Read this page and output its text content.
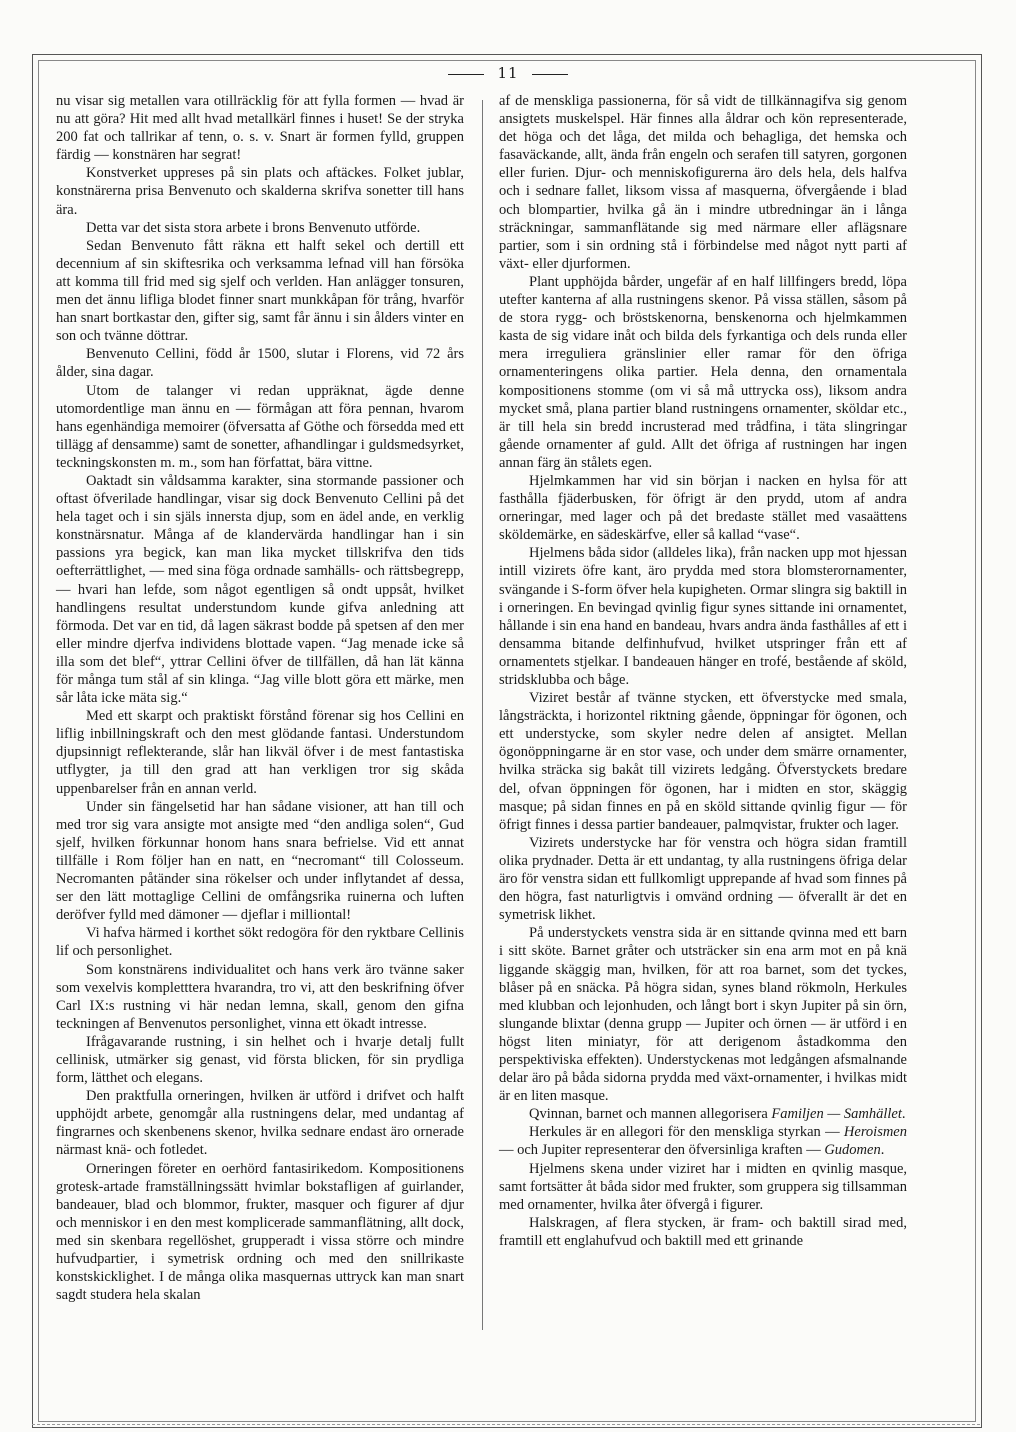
11

nu visar sig metallen vara otillräcklig för att fylla formen — hvad är nu att göra? Hit med allt hvad metallkärl finnes i huset! Se der stryka 200 fat och tallrikar af tenn, o. s. v. Snart är formen fylld, gruppen färdig — konstnären har segrat!

Konstverket uppreses på sin plats och aftäckes. Folket jublar, konstnärerna prisa Benvenuto och skalderna skrifva sonetter till hans ära.

Detta var det sista stora arbete i brons Benvenuto utförde.

Sedan Benvenuto fått räkna ett halft sekel och dertill ett decennium af sin skiftesrika och verksamma lefnad vill han försöka att komma till frid med sig sjelf och verlden. Han anlägger tonsuren, men det ännu lifliga blodet finner snart munkkåpan för trång, hvarför han snart bortkastar den, gifter sig, samt får ännu i sin ålders vinter en son och tvänne döttrar.

Benvenuto Cellini, född år 1500, slutar i Florens, vid 72 års ålder, sina dagar.

Utom de talanger vi redan uppräknat, ägde denne utomordentlige man ännu en — förmågan att föra pennan, hvarom hans egenhändiga memoirer (öfversatta af Göthe och försedda med ett tillägg af densamme) samt de sonetter, afhandlingar i guldsmedsyrket, teckningskonsten m. m., som han författat, bära vittne.

Oaktadt sin våldsamma karakter, sina stormande passioner och oftast öfverilade handlingar, visar sig dock Benvenuto Cellini på det hela taget och i sin själs innersta djup, som en ädel ande, en verklig konstnärsnatur. Många af de klandervärda handlingar han i sin passions yra begick, kan man lika mycket tillskrifva den tids oefterrättlighet, — med sina föga ordnade samhälls- och rättsbegrepp, — hvari han lefde, som något egentligen så ondt uppsåt, hvilket handlingens resultat understundom kunde gifva anledning att förmoda. Det var en tid, då lagen säkrast bodde på spetsen af den mer eller mindre djerfva individens blottade vapen. “Jag menade icke så illa som det blef“, yttrar Cellini öfver de tillfällen, då han lät känna för många tum stål af sin klinga. “Jag ville blott göra ett märke, men sår låta icke mäta sig.“

Med ett skarpt och praktiskt förstånd förenar sig hos Cellini en liflig inbillningskraft och den mest glödande fantasi. Understundom djupsinnigt reflekterande, slår han likväl öfver i de mest fantastiska utflygter, ja till den grad att han verkligen tror sig skåda uppenbarelser från en annan verld.

Under sin fängelsetid har han sådane visioner, att han till och med tror sig vara ansigte mot ansigte med “den andliga solen“, Gud sjelf, hvilken förkunnar honom hans snara befrielse. Vid ett annat tillfälle i Rom följer han en natt, en “necromant“ till Colosseum. Necromanten påtänder sina rökelser och under inflytandet af dessa, ser den lätt mottaglige Cellini de omfångsrika ruinerna och luften deröfver fylld med dämoner — djeflar i milliontal!

Vi hafva härmed i korthet sökt redogöra för den ryktbare Cellinis lif och personlighet.

Som konstnärens individualitet och hans verk äro tvänne saker som vexelvis kompletttera hvarandra, tro vi, att den beskrifning öfver Carl IX:s rustning vi här nedan lemna, skall, genom den gifna teckningen af Benvenutos personlighet, vinna ett ökadt intresse.

Ifrågavarande rustning, i sin helhet och i hvarje detalj fullt cellinisk, utmärker sig genast, vid första blicken, för sin prydliga form, lätthet och elegans.

Den praktfulla orneringen, hvilken är utförd i drifvet och halft upphöjdt arbete, genomgår alla rustningens delar, med undantag af fingrarnes och skenbenens skenor, hvilka sednare endast äro ornerade närmast knä- och fotledet.

Orneringen företer en oerhörd fantasirikedom. Kompositionens grotesk-artade framställningssätt hvimlar bokstafligen af guirlander, bandeauer, blad och blommor, frukter, masquer och figurer af djur och menniskor i en den mest komplicerade sammanflätning, allt dock, med sin skenbara regellöshet, grupperadt i vissa större och mindre hufvudpartier, i symetrisk ordning och med den snillrikaste konstskicklighet. I de många olika masquernas uttryck kan man snart sagdt studera hela skalan

af de menskliga passionerna, för så vidt de tillkännagifva sig genom ansigtets muskelspel. Här finnes alla åldrar och kön representerade, det höga och det låga, det milda och behagliga, det hemska och fasaväckande, allt, ända från engeln och serafen till satyren, gorgonen eller furien. Djur- och menniskofigurerna äro dels hela, dels halfva och i sednare fallet, liksom vissa af masquerna, öfvergående i blad och blompartier, hvilka gå än i mindre utbredningar än i långa sträckningar, sammanflätande sig med närmare eller aflägsnare partier, som i sin ordning stå i förbindelse med något nytt parti af växt- eller djurformen.

Plant upphöjda bårder, ungefär af en half lillfingers bredd, löpa utefter kanterna af alla rustningens skenor. På vissa ställen, såsom på de stora rygg- och bröstskenorna, benskenorna och hjelmkammen kasta de sig vidare inåt och bilda dels fyrkantiga och dels runda eller mera irreguliera gränslinier eller ramar för den öfriga ornamenteringens olika partier. Hela denna, den ornamentala kompositionens stomme (om vi så må uttrycka oss), liksom andra mycket små, plana partier bland rustningens ornamenter, sköldar etc., är till hela sin bredd incrusterad med trådfina, i täta slingringar gående ornamenter af guld. Allt det öfriga af rustningen har ingen annan färg än stålets egen.

Hjelmkammen har vid sin början i nacken en hylsa för att fasthålla fjäderbusken, för öfrigt är den prydd, utom af andra orneringar, med lager och på det bredaste stället med vasaättens sköldemärke, en sädeskärfve, eller så kallad “vase“.

Hjelmens båda sidor (alldeles lika), från nacken upp mot hjessan intill vizirets öfre kant, äro prydda med stora blomsterornamenter, svängande i S-form öfver hela kupigheten. Ormar slingra sig baktill in i orneringen. En bevingad qvinlig figur synes sittande ini ornamentet, hållande i sin ena hand en bandeau, hvars andra ända fasthålles af ett i densamma bitande delfinhufvud, hvilket utspringer från ett af ornamentets stjelkar. I bandeauen hänger en trofé, bestående af sköld, stridsklubba och båge.

Viziret består af tvänne stycken, ett öfverstycke med smala, långsträckta, i horizontel riktning gående, öppningar för ögonen, och ett understycke, som skyler nedre delen af ansigtet. Mellan ögonöppningarne är en stor vase, och under dem smärre ornamenter, hvilka sträcka sig bakåt till vizirets ledgång. Öfverstyckets bredare del, ofvan öppningen för ögonen, har i midten en stor, skäggig masque; på sidan finnes en på en sköld sittande qvinlig figur — för öfrigt finnes i dessa partier bandeauer, palmqvistar, frukter och lager.

Vizirets understycke har för venstra och högra sidan framtill olika prydnader. Detta är ett undantag, ty alla rustningens öfriga delar äro för venstra sidan ett fullkomligt upprepande af hvad som finnes på den högra, fast naturligtvis i omvänd ordning — öfverallt är det en symetrisk likhet.

På understyckets venstra sida är en sittande qvinna med ett barn i sitt sköte. Barnet gråter och utsträcker sin ena arm mot en på knä liggande skäggig man, hvilken, för att roa barnet, som det tyckes, blåser på en snäcka. På högra sidan, synes bland rökmoln, Herkules med klubban och lejonhuden, och långt bort i skyn Jupiter på sin örn, slungande blixtar (denna grupp — Jupiter och örnen — är utförd i en högst liten miniatyr, för att derigenom åstadkomma den perspektiviska effekten). Understyckenas mot ledgången afsmalnande delar äro på båda sidorna prydda med växt-ornamenter, i hvilkas midt är en liten masque.

Qvinnan, barnet och mannen allegorisera Familjen — Samhället.

Herkules är en allegori för den menskliga styrkan — Heroismen — och Jupiter representerar den öfversinliga kraften — Gudomen.

Hjelmens skena under viziret har i midten en qvinlig masque, samt fortsätter åt båda sidor med frukter, som gruppera sig tillsamman med ornamenter, hvilka åter öfvergå i figurer.

Halskragen, af flera stycken, är fram- och baktill sirad med, framtill ett englahufvud och baktill med ett grinande
